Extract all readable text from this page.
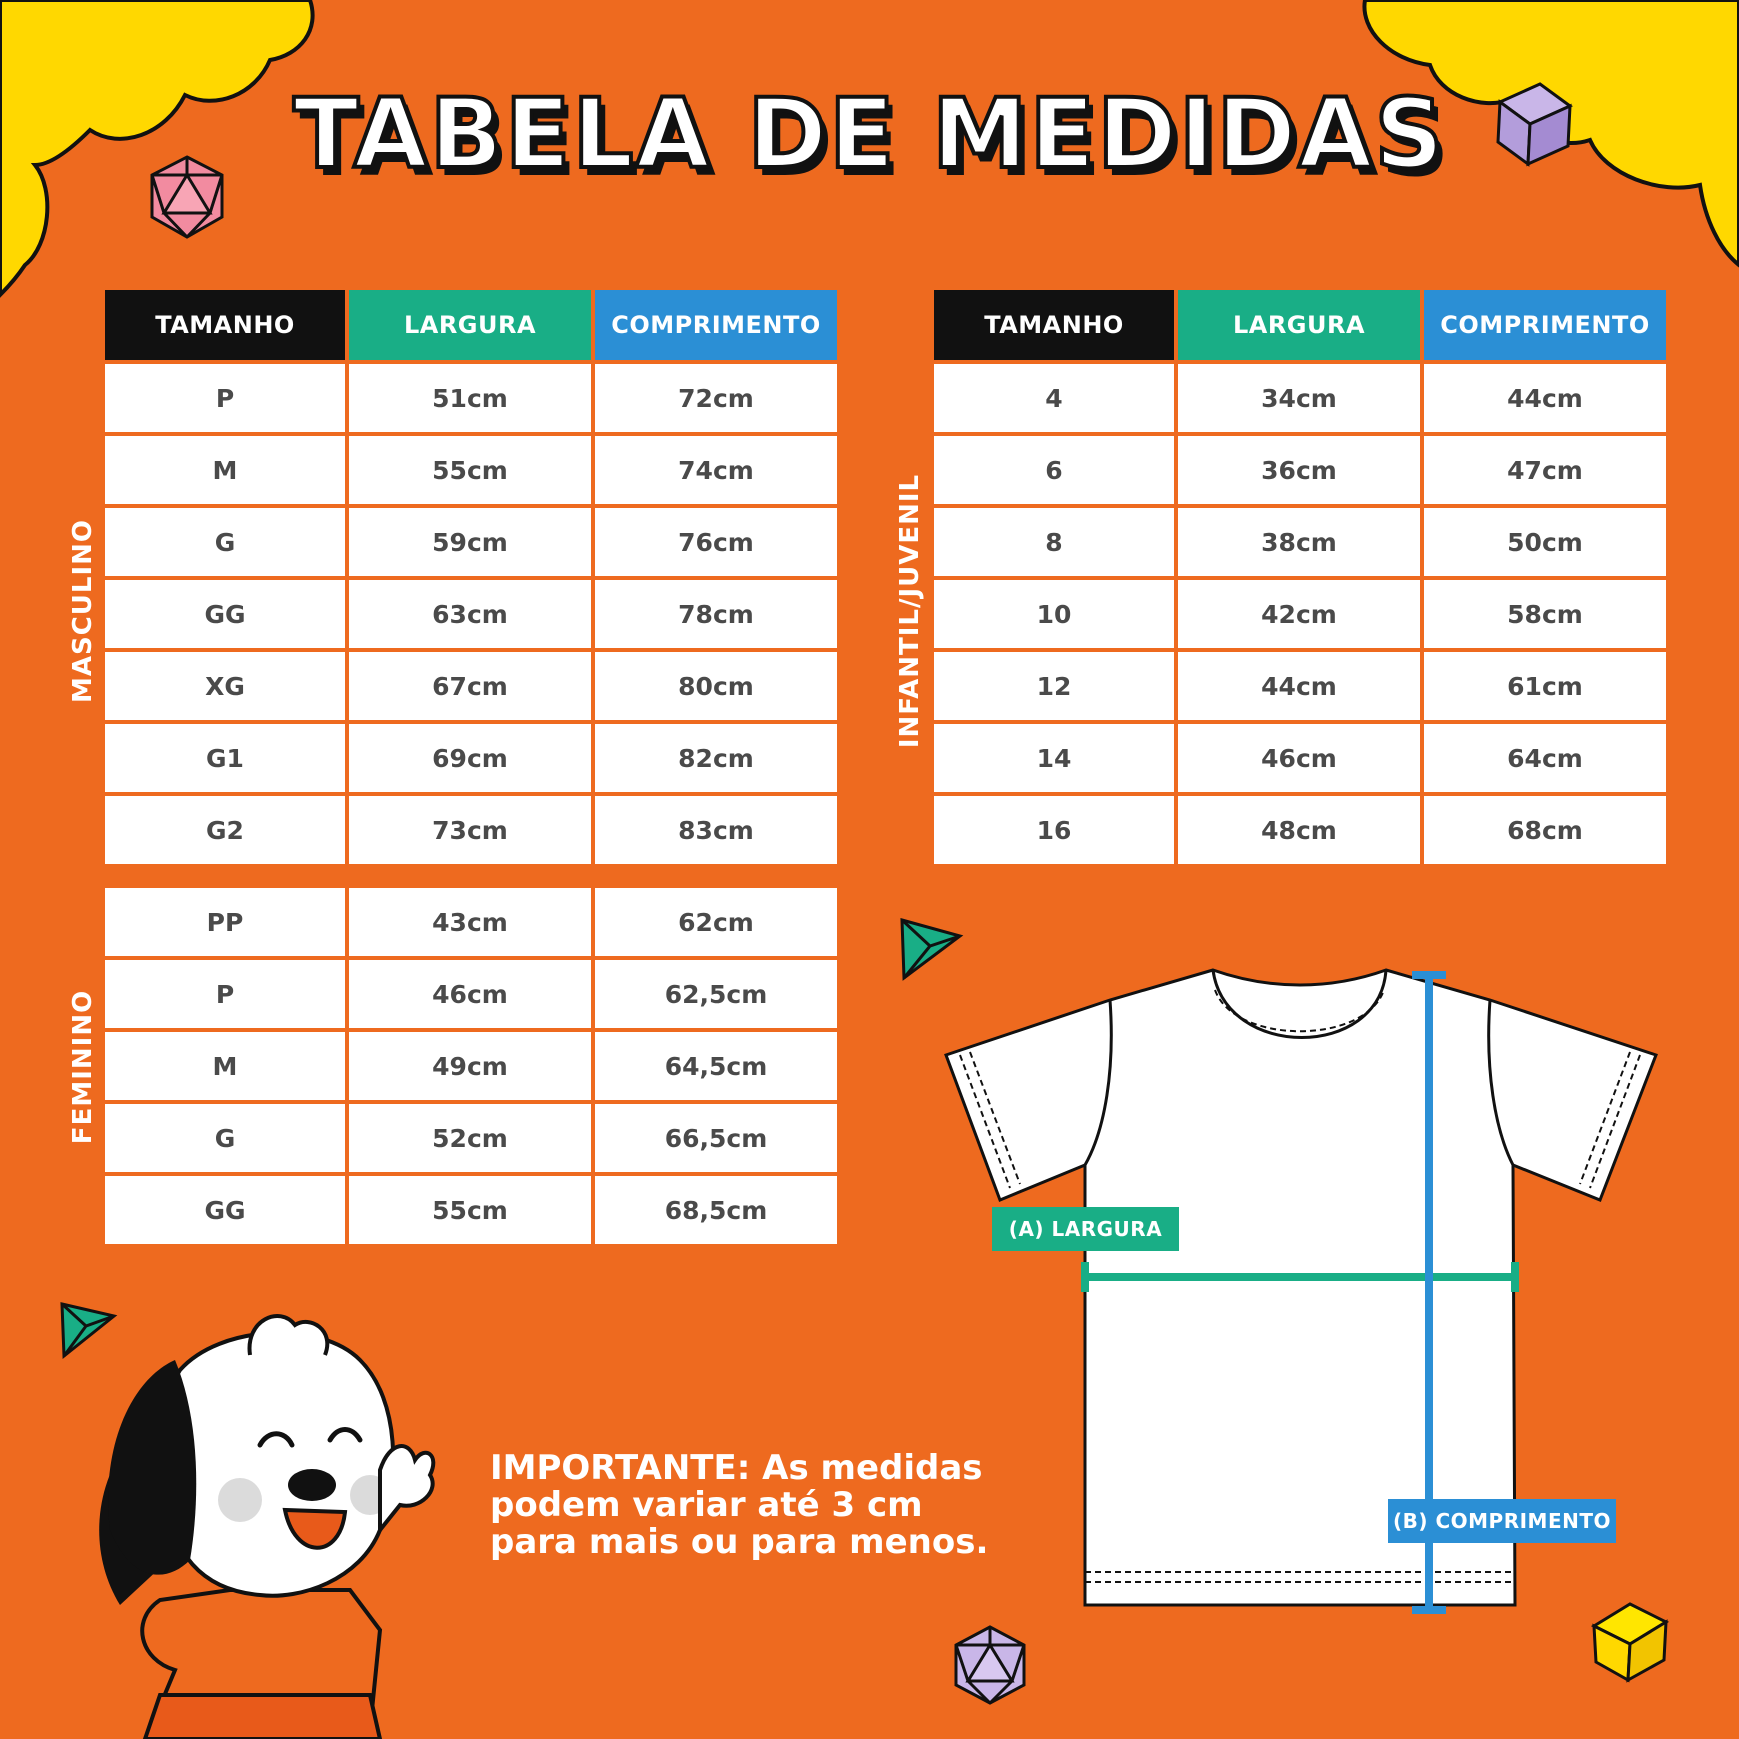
TABELA DE MEDIDAS
MASCULINO
TAMANHO	LARGURA	COMPRIMENTO
P	51cm	72cm
M	55cm	74cm
G	59cm	76cm
GG	63cm	78cm
XG	67cm	80cm
G1	69cm	82cm
G2	73cm	83cm
FEMININO
PP	43cm	62cm
P	46cm	62,5cm
M	49cm	64,5cm
G	52cm	66,5cm
GG	55cm	68,5cm
INFANTIL/JUVENIL
TAMANHO	LARGURA	COMPRIMENTO
4	34cm	44cm
6	36cm	47cm
8	38cm	50cm
10	42cm	58cm
12	44cm	61cm
14	46cm	64cm
16	48cm	68cm
(A) LARGURA
(B) COMPRIMENTO
IMPORTANTE: As medidas
podem variar até 3 cm
para mais ou para menos.
